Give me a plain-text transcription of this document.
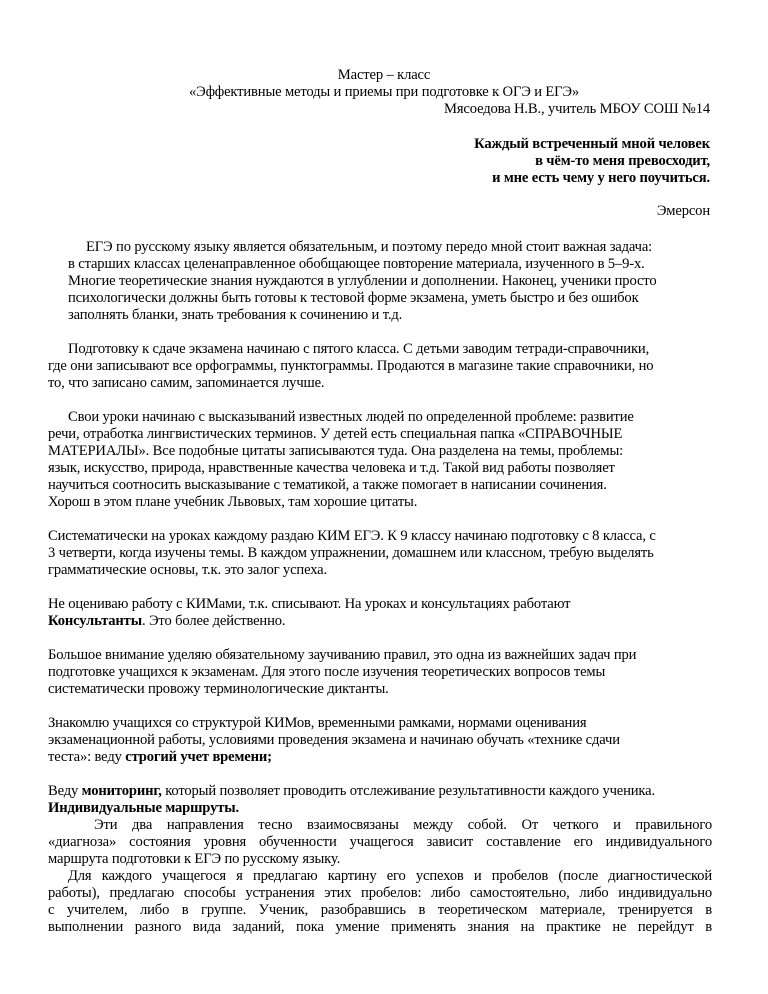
Мастер – класс
«Эффективные методы и приемы при подготовке к ОГЭ и ЕГЭ»
Мясоедова Н.В., учитель МБОУ СОШ №14
Каждый встреченный мной человек
в чём-то меня превосходит,
и мне есть чему у него поучиться.
Эмерсон
ЕГЭ по русскому языку является обязательным, и поэтому передо мной стоит важная задача:
в старших классах целенаправленное обобщающее повторение материала, изученного в 5–9-х.
Многие теоретические знания нуждаются в углублении и дополнении. Наконец, ученики просто
психологически должны быть готовы к тестовой форме экзамена, уметь быстро и без ошибок
заполнять бланки, знать требования к сочинению и т.д.
Подготовку к сдаче экзамена начинаю с пятого класса. С детьми заводим тетради-справочники,
где они записывают все орфограммы, пунктограммы. Продаются в магазине такие справочники, но
то, что записано самим, запоминается лучше.
Свои уроки начинаю с высказываний известных людей по определенной проблеме: развитие
речи, отработка лингвистических терминов. У детей есть специальная папка «СПРАВОЧНЫЕ
МАТЕРИАЛЫ». Все подобные цитаты записываются туда. Она разделена на темы, проблемы:
язык, искусство, природа, нравственные качества человека и т.д. Такой вид работы позволяет
научиться соотносить высказывание с тематикой, а также помогает в написании сочинения.
Хорош в этом плане учебник Львовых, там хорошие цитаты.
Систематически на уроках каждому раздаю КИМ ЕГЭ. К 9 классу начинаю подготовку с 8 класса, с
3 четверти, когда изучены темы. В каждом упражнении, домашнем или классном, требую выделять
грамматические основы, т.к. это залог успеха.
Не оцениваю работу с КИМами, т.к. списывают. На уроках и консультациях работают
Консультанты. Это более действенно.
Большое внимание уделяю обязательному заучиванию правил, это одна из важнейших задач при
подготовке учащихся к экзаменам. Для этого после изучения теоретических вопросов темы
систематически провожу терминологические диктанты.
Знакомлю учащихся со структурой КИМов, временными рамками, нормами оценивания
экзаменационной работы, условиями проведения экзамена и начинаю обучать «технике сдачи
теста»: веду строгий учет времени;
Веду мониторинг, который позволяет проводить отслеживание результативности каждого ученика.
Индивидуальные маршруты.
Эти два направления тесно взаимосвязаны между собой. От четкого и правильного
«диагноза» состояния уровня обученности учащегося зависит составление его индивидуального
маршрута подготовки к ЕГЭ по русскому языку.
Для каждого учащегося я предлагаю картину его успехов и пробелов (после диагностической
работы), предлагаю способы устранения этих пробелов: либо самостоятельно, либо индивидуально
с учителем, либо в группе. Ученик, разобравшись в теоретическом материале, тренируется в
выполнении разного вида заданий, пока умение применять знания на практике не перейдут в
